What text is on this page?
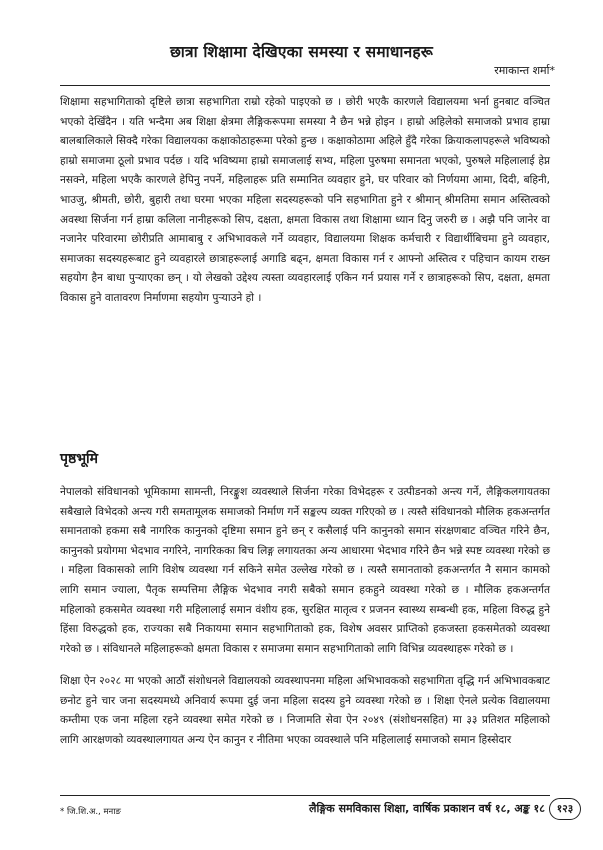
छात्रा शिक्षामा देखिएका समस्या र समाधानहरू
रमाकान्त शर्मा*

शिक्षामा सहभागिताको दृष्टिले छात्रा सहभागिता राम्रो रहेको पाइएको छ । छोरी भएकै कारणले विद्यालयमा भर्ना हुनबाट वञ्चित भएको देखिँदैन । यति भन्दैमा अब शिक्षा क्षेत्रमा लैङ्गिकरूपमा समस्या नै छैन भन्ने होइन । हाम्रो अहिलेको समाजको प्रभाव हाम्रा बालबालिकाले सिक्दै गरेका विद्यालयका कक्षाकोठाहरूमा परेको हुन्छ । कक्षाकोठामा अहिले हुँदै गरेका क्रियाकलापहरूले भविष्यको हाम्रो समाजमा ठूलो प्रभाव पर्दछ । यदि भविष्यमा हाम्रो समाजलाई सभ्य, महिला पुरुषमा समानता भएको, पुरुषले महिलालाई हेप्न नसक्ने, महिला भएकै कारणले हेपिनु नपर्ने, महिलाहरू प्रति सम्मानित व्यवहार हुने, घर परिवार को निर्णयमा आमा, दिदी, बहिनी, भाउजु, श्रीमती, छोरी, बुहारी तथा घरमा भएका महिला सदस्यहरूको पनि सहभागिता हुने र श्रीमान् श्रीमतिमा समान अस्तित्वको अवस्था सिर्जना गर्न हाम्रा कलिला नानीहरूको सिप, दक्षता, क्षमता विकास तथा शिक्षामा ध्यान दिनु जरुरी छ । अझै पनि जानेर वा नजानेर परिवारमा छोरीप्रति आमाबाबु र अभिभावकले गर्ने व्यवहार, विद्यालयमा शिक्षक कर्मचारी र विद्यार्थीबिचमा हुने व्यवहार, समाजका सदस्यहरूबाट हुने व्यवहारले छात्राहरूलाई अगाडि बढ्न, क्षमता विकास गर्न र आफ्नो अस्तित्व र पहिचान कायम राख्न सहयोग हैन बाधा पुऱ्याएका छन् । यो लेखको उद्देश्य त्यस्ता व्यवहारलाई एकिन गर्न प्रयास गर्ने र छात्राहरूको सिप, दक्षता, क्षमता विकास हुने वातावरण निर्माणमा सहयोग पुऱ्याउने हो ।

पृष्ठभूमि

नेपालको संविधानको भूमिकामा सामन्ती, निरङ्कुश व्यवस्थाले सिर्जना गरेका विभेदहरू र उत्पीडनको अन्त्य गर्ने, लैङ्गिकलगायतका सबैखाले विभेदको अन्त्य गरी समतामूलक समाजको निर्माण गर्ने सङ्कल्प व्यक्त गरिएको छ । त्यस्तै संविधानको मौलिक हकअन्तर्गत समानताको हकमा सबै नागरिक कानुनको दृष्टिमा समान हुने छन् र कसैलाई पनि कानुनको समान संरक्षणबाट वञ्चित गरिने छैन, कानुनको प्रयोगमा भेदभाव नगरिने, नागरिकका बिच लिङ्ग लगायतका अन्य आधारमा भेदभाव गरिने छैन भन्ने स्पष्ट व्यवस्था गरेको छ । महिला विकासको लागि विशेष व्यवस्था गर्न सकिने समेत उल्लेख गरेको छ । त्यस्तै समानताको हकअन्तर्गत नै समान कामको लागि समान ज्याला, पैतृक सम्पत्तिमा लैङ्गिक भेदभाव नगरी सबैको समान हकहुने व्यवस्था गरेको छ । मौलिक हकअन्तर्गत महिलाको हकसमेत व्यवस्था गरी महिलालाई समान वंशीय हक, सुरक्षित मातृत्व र प्रजनन स्वास्थ्य सम्बन्धी हक, महिला विरुद्ध हुने हिंसा विरुद्धको हक, राज्यका सबै निकायमा समान सहभागिताको हक, विशेष अवसर प्राप्तिको हकजस्ता हकसमेतको व्यवस्था गरेको छ । संविधानले महिलाहरूको क्षमता विकास र समाजमा समान सहभागिताको लागि विभिन्न व्यवस्थाहरू गरेको छ ।

शिक्षा ऐन २०२८ मा भएको आठौं संशोधनले विद्यालयको व्यवस्थापनमा महिला अभिभावकको सहभागिता वृद्धि गर्न अभिभावकबाट छनोट हुने चार जना सदस्यमध्ये अनिवार्य रूपमा दुई जना महिला सदस्य हुने व्यवस्था गरेको छ । शिक्षा ऐनले प्रत्येक विद्यालयमा कम्तीमा एक जना महिला रहने व्यवस्था समेत गरेको छ । निजामति सेवा ऐन २०४९ (संशोधनसहित) मा ३३ प्रतिशत महिलाको लागि आरक्षणको व्यवस्थालगायत अन्य ऐन कानुन र नीतिमा भएका व्यवस्थाले पनि महिलालाई समाजको समान हिस्सेदार

* जि.शि.अ., मनाङ	लैङ्गिक समविकास शिक्षा, वार्षिक प्रकाशन वर्ष १८, अङ्क १८	१२३
